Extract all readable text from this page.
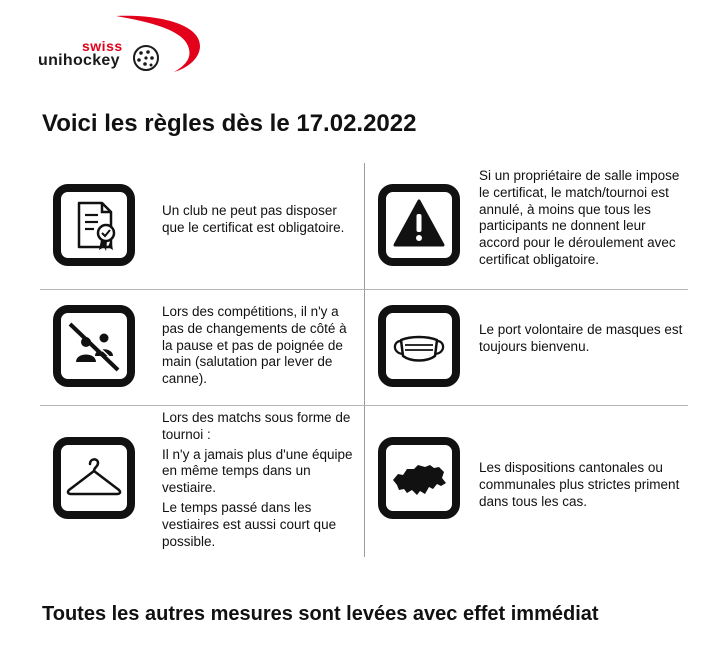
swiss
unihockey
Voici les règles dès le 17.02.2022

Un club ne peut pas disposer que le certificat est obligatoire.

Si un propriétaire de salle impose le certificat, le match/tournoi est annulé, à moins que tous les participants ne donnent leur accord pour le déroulement avec certificat obligatoire.

Lors des compétitions, il n'y a pas de changements de côté à la pause et pas de poignée de main (salutation par lever de canne).

Le port volontaire de masques est toujours bienvenu.

Lors des matchs sous forme de tournoi :

Il n'y a jamais plus d'une équipe en même temps dans un vestiaire.

Le temps passé dans les vestiaires est aussi court que possible.

Les dispositions cantonales ou communales plus strictes priment dans tous les cas.

Toutes les autres mesures sont levées avec effet immédiat
